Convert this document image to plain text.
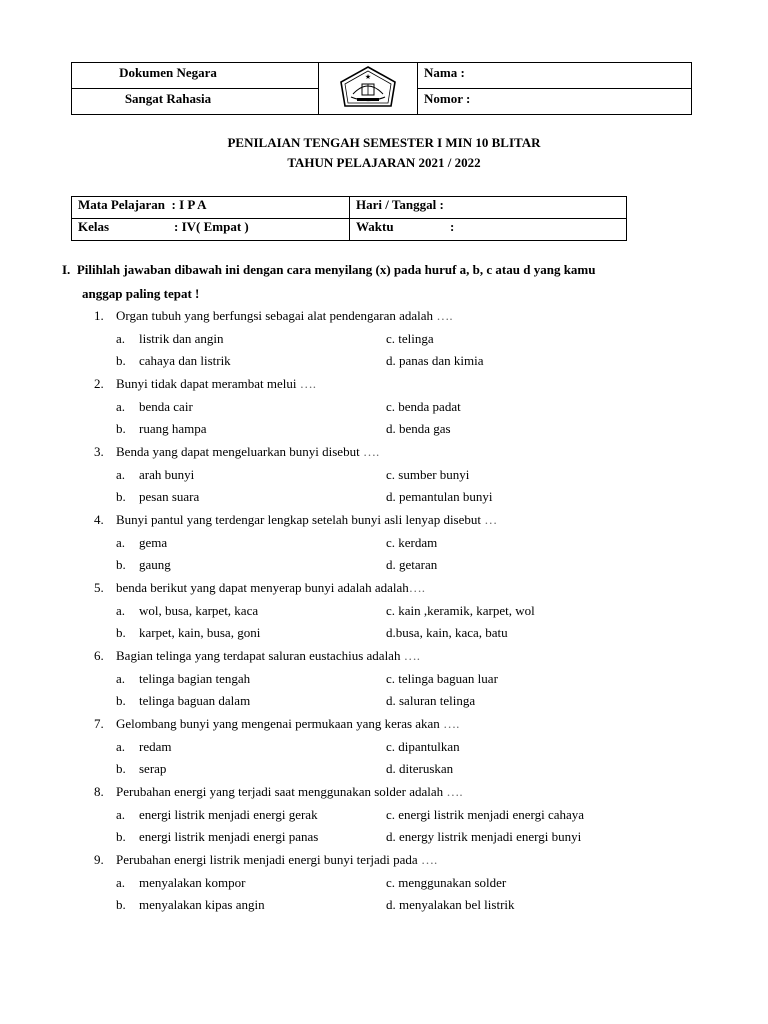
Dokumen Negara	★	Nama :
Sangat Rahasia		Nomor :
PENILAIAN TENGAH SEMESTER I MIN 10 BLITAR
TAHUN PELAJARAN 2021 / 2022
Mata Pelajaran : I P A	Hari / Tanggal :
Kelas : IV( Empat )	Waktu :
I. Pilihlah jawaban dibawah ini dengan cara menyilang (x) pada huruf a, b, c atau d yang kamu
anggap paling tepat !
1. Organ tubuh yang berfungsi sebagai alat pendengaran adalah ….
a. listrik dan angin
b. cahaya dan listrik
c. telinga
d. panas dan kimia
2. Bunyi tidak dapat merambat melui ….
a. benda cair
b. ruang hampa
c. benda padat
d. benda gas
3. Benda yang dapat mengeluarkan bunyi disebut ….
a. arah bunyi
b. pesan suara
c. sumber bunyi
d. pemantulan bunyi
4. Bunyi pantul yang terdengar lengkap setelah bunyi asli lenyap disebut …
a. gema
b. gaung
c. kerdam
d. getaran
5. benda berikut yang dapat menyerap bunyi adalah adalah….
a. wol, busa, karpet, kaca
b. karpet, kain, busa, goni
c. kain ,keramik, karpet, wol
d.busa, kain, kaca, batu
6. Bagian telinga yang terdapat saluran eustachius adalah ….
a. telinga bagian tengah
b. telinga baguan dalam
c. telinga baguan luar
d. saluran telinga
7. Gelombang bunyi yang mengenai permukaan yang keras akan ….
a. redam
b. serap
c. dipantulkan
d. diteruskan
8. Perubahan energi yang terjadi saat menggunakan solder adalah ….
a. energi listrik menjadi energi gerak
b. energi listrik menjadi energi panas
c. energi listrik menjadi energi cahaya
d. energy listrik menjadi energi bunyi
9. Perubahan energi listrik menjadi energi bunyi terjadi pada ….
a. menyalakan kompor
b. menyalakan kipas angin
c. menggunakan solder
d. menyalakan bel listrik
